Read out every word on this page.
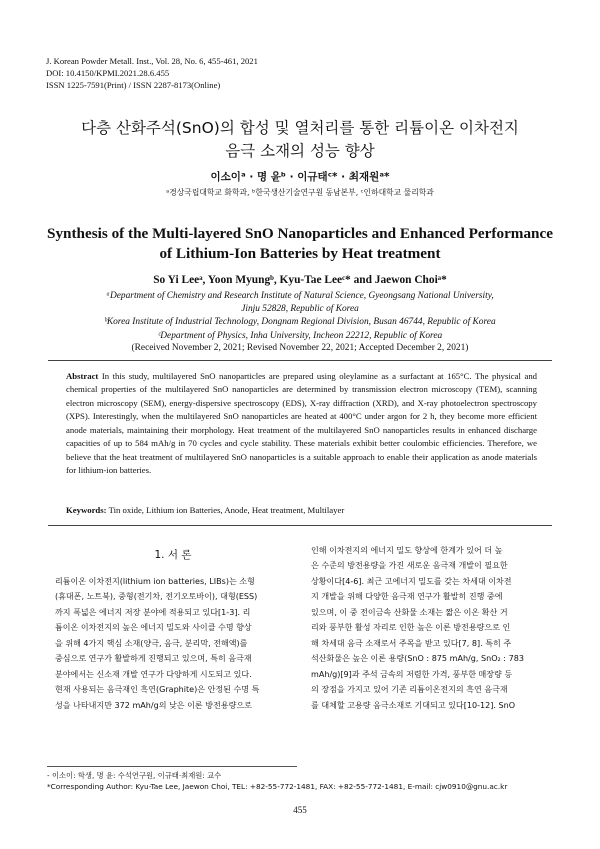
J. Korean Powder Metall. Inst., Vol. 28, No. 6, 455-461, 2021
DOI: 10.4150/KPMI.2021.28.6.455
ISSN 1225-7591(Print) / ISSN 2287-8173(Online)
다층 산화주석(SnO)의 합성 및 열처리를 통한 리튬이온 이차전지
음극 소재의 성능 향상
이소이ᵃ · 명 윤ᵇ · 이규태ᶜ* · 최재원ᵃ*
ᵃ경상국립대학교 화학과, ᵇ한국생산기술연구원 동남본부, ᶜ인하대학교 물리학과
Synthesis of the Multi-layered SnO Nanoparticles and Enhanced Performance
of Lithium-Ion Batteries by Heat treatment
So Yi Leeᵃ, Yoon Myungᵇ, Kyu-Tae Leeᶜ* and Jaewon Choiᵃ*
ᵃDepartment of Chemistry and Research Institute of Natural Science, Gyeongsang National University,
Jinju 52828, Republic of Korea
ᵇKorea Institute of Industrial Technology, Dongnam Regional Division, Busan 46744, Republic of Korea
ᶜDepartment of Physics, Inha University, Incheon 22212, Republic of Korea
(Received November 2, 2021; Revised November 22, 2021; Accepted December 2, 2021)
Abstract In this study, multilayered SnO nanoparticles are prepared using oleylamine as a surfactant at 165°C. The physical and chemical properties of the multilayered SnO nanoparticles are determined by transmission electron microscopy (TEM), scanning electron microscopy (SEM), energy-dispersive spectroscopy (EDS), X-ray diffraction (XRD), and X-ray photoelectron spectroscopy (XPS). Interestingly, when the multilayered SnO nanoparticles are heated at 400°C under argon for 2 h, they become more efficient anode materials, maintaining their morphology. Heat treatment of the multilayered SnO nanoparticles results in enhanced discharge capacities of up to 584 mAh/g in 70 cycles and cycle stability. These materials exhibit better coulombic efficiencies. Therefore, we believe that the heat treatment of multilayered SnO nanoparticles is a suitable approach to enable their application as anode materials for lithium-ion batteries.
Keywords: Tin oxide, Lithium ion Batteries, Anode, Heat treatment, Multilayer
1. 서 론
리튬이온 이차전지(lithium ion batteries, LIBs)는 소형
(휴대폰, 노트북), 중형(전기차, 전기오토바이), 대형(ESS)
까지 폭넓은 에너지 저장 분야에 적용되고 있다[1-3]. 리
튬이온 이차전지의 높은 에너지 밀도와 사이클 수명 향상
을 위해 4가지 핵심 소재(양극, 음극, 분리막, 전해액)를
중심으로 연구가 활발하게 진행되고 있으며, 특히 음극재
분야에서는 신소재 개발 연구가 다양하게 시도되고 있다.
현재 사용되는 음극재인 흑연(Graphite)은 안정된 수명 특
성을 나타내지만 372 mAh/g의 낮은 이론 방전용량으로
인해 이차전지의 에너지 밀도 향상에 한계가 있어 더 높
은 수준의 방전용량을 가진 새로운 음극재 개발이 필요한
상황이다[4-6]. 최근 고에너지 밀도를 갖는 차세대 이차전
지 개발을 위해 다양한 음극재 연구가 활발히 진행 중에
있으며, 이 중 전이금속 산화물 소재는 짧은 이온 확산 거
리와 풍부한 활성 자리로 인한 높은 이론 방전용량으로 인
해 차세대 음극 소재로서 주목을 받고 있다[7, 8]. 특히 주
석산화물은 높은 이론 용량(SnO : 875 mAh/g, SnO₂ : 783
mAh/g)[9]과 주석 금속의 저렴한 가격, 풍부한 매장량 등
의 장점을 가지고 있어 기존 리튬이온전지의 흑연 음극재
를 대체할 고용량 음극소재로 기대되고 있다[10-12]. SnO
- 이소이: 학생, 명 윤: 수석연구원, 이규태·최재원: 교수
*Corresponding Author: Kyu-Tae Lee, Jaewon Choi, TEL: +82-55-772-1481, FAX: +82-55-772-1481, E-mail: cjw0910@gnu.ac.kr
455
